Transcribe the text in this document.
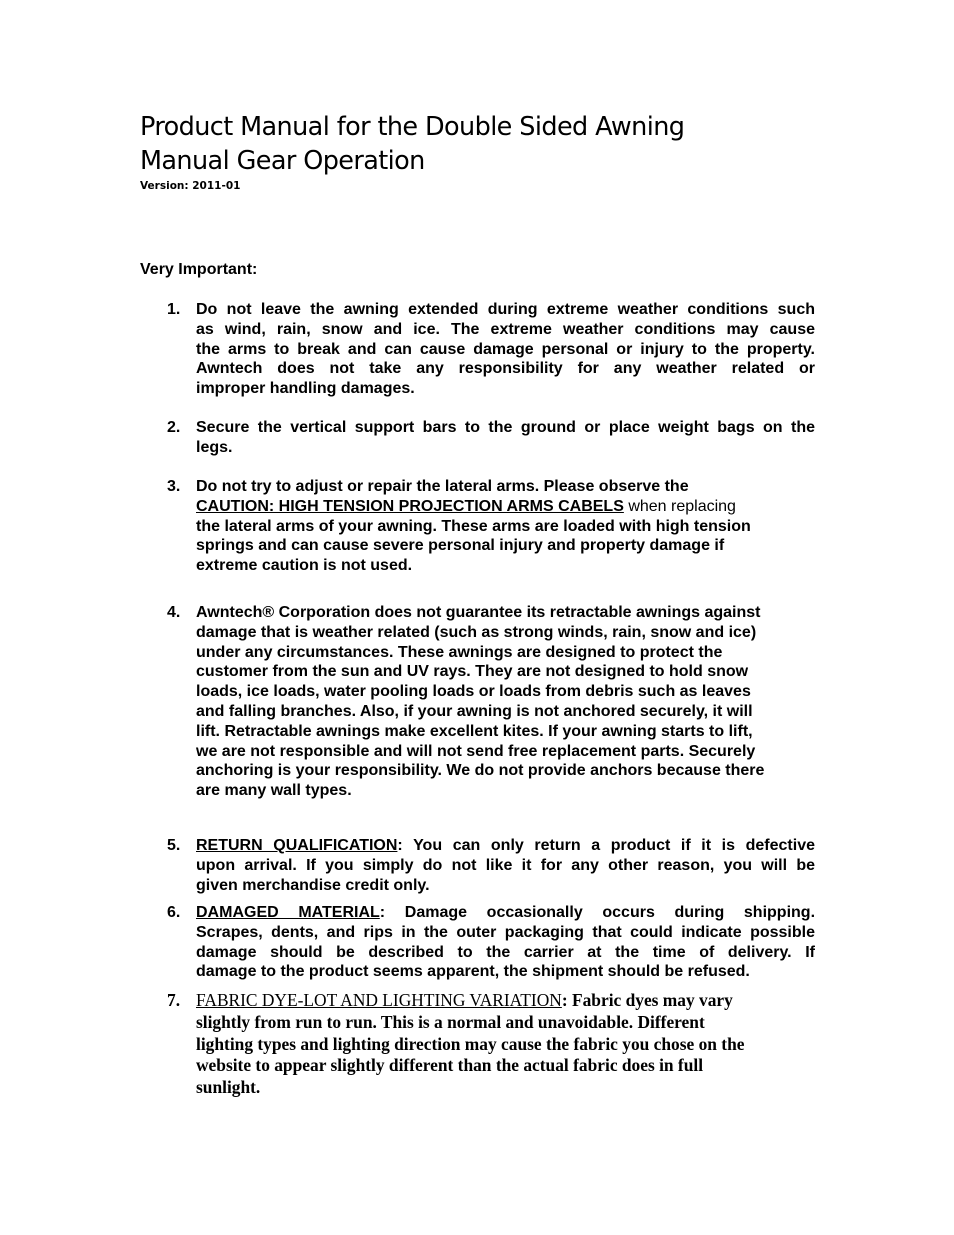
Product Manual for the Double Sided Awning
Manual Gear Operation
Version: 2011-01
Very Important:
1. Do not leave the awning extended during extreme weather conditions such
as wind, rain, snow and ice. The extreme weather conditions may cause
the arms to break and can cause damage personal or injury to the property.
Awntech does not take any responsibility for any weather related or
improper handling damages.
2. Secure the vertical support bars to the ground or place weight bags on the
legs.
3. Do not try to adjust or repair the lateral arms. Please observe the
CAUTION: HIGH TENSION PROJECTION ARMS CABELS when replacing
the lateral arms of your awning. These arms are loaded with high tension
springs and can cause severe personal injury and property damage if
extreme caution is not used.
4. Awntech® Corporation does not guarantee its retractable awnings against
damage that is weather related (such as strong winds, rain, snow and ice)
under any circumstances. These awnings are designed to protect the
customer from the sun and UV rays. They are not designed to hold snow
loads, ice loads, water pooling loads or loads from debris such as leaves
and falling branches. Also, if your awning is not anchored securely, it will
lift. Retractable awnings make excellent kites. If your awning starts to lift,
we are not responsible and will not send free replacement parts. Securely
anchoring is your responsibility. We do not provide anchors because there
are many wall types.
5. RETURN QUALIFICATION: You can only return a product if it is defective
upon arrival. If you simply do not like it for any other reason, you will be
given merchandise credit only.
6. DAMAGED MATERIAL: Damage occasionally occurs during shipping.
Scrapes, dents, and rips in the outer packaging that could indicate possible
damage should be described to the carrier at the time of delivery. If
damage to the product seems apparent, the shipment should be refused.
7. FABRIC DYE-LOT AND LIGHTING VARIATION: Fabric dyes may vary
slightly from run to run. This is a normal and unavoidable. Different
lighting types and lighting direction may cause the fabric you chose on the
website to appear slightly different than the actual fabric does in full
sunlight.
